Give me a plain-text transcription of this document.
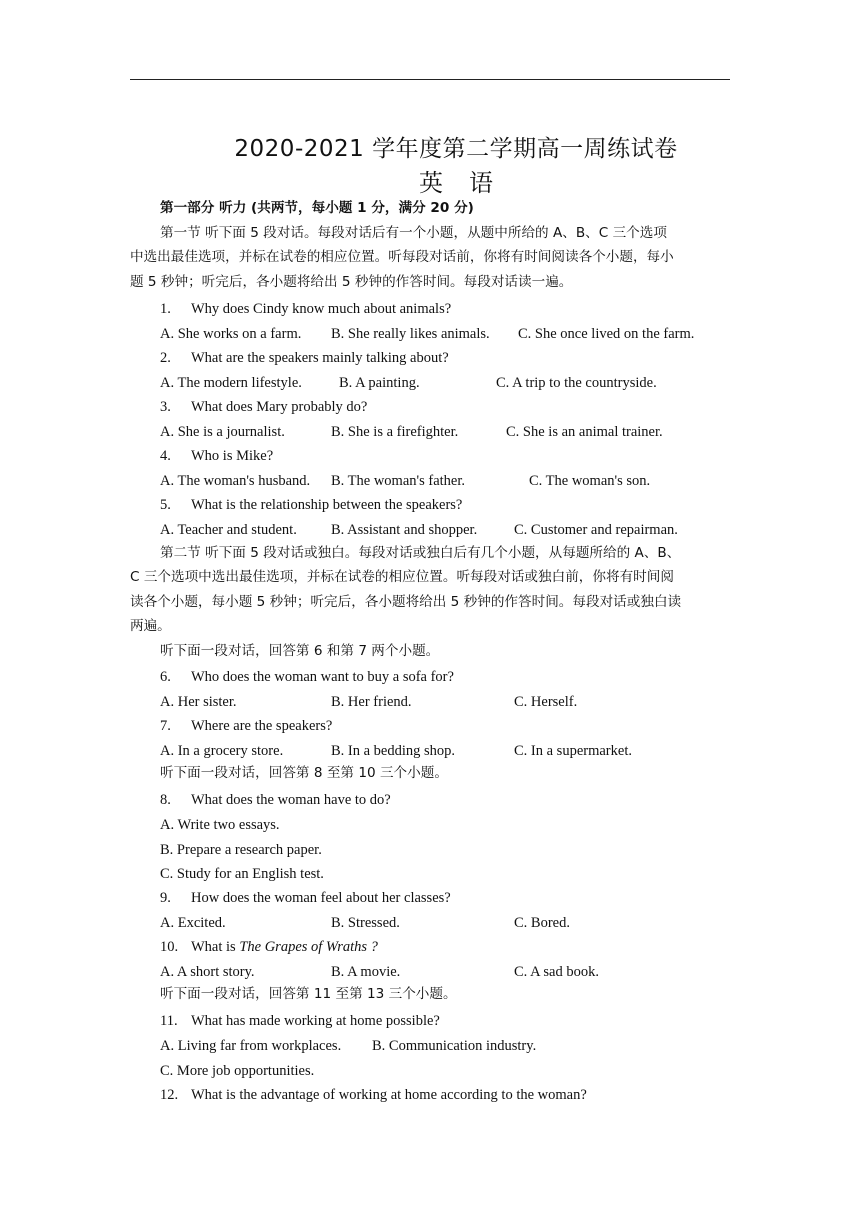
2020-2021 学年度第二学期高一周练试卷
英 语
第一部分 听力 (共两节，每小题 1 分，满分 20 分)
第一节 听下面 5 段对话。每段对话后有一个小题，从题中所给的 A、B、C 三个选项
中选出最佳选项，并标在试卷的相应位置。听每段对话前，你将有时间阅读各个小题，每小
题 5 秒钟；听完后，各小题将给出 5 秒钟的作答时间。每段对话读一遍。
1. Why does Cindy know much about animals?
A. She works on a farm. B. She really likes animals. C. She once lived on the farm.
2. What are the speakers mainly talking about?
A. The modern lifestyle.	B. A painting.	C. A trip to the countryside.
3. What does Mary probably do?
A. She is a journalist.	B. She is a firefighter.	C. She is an animal trainer.
4. Who is Mike?
A. The woman's husband. B. The woman's father.	C. The woman's son.
5. What is the relationship between the speakers?
A. Teacher and student. B. Assistant and shopper.	C. Customer and repairman.
第二节 听下面 5 段对话或独白。每段对话或独白后有几个小题，从每题所给的 A、B、
C 三个选项中选出最佳选项，并标在试卷的相应位置。听每段对话或独白前，你将有时间阅
读各个小题，每小题 5 秒钟；听完后，各小题将给出 5 秒钟的作答时间。每段对话或独白读
两遍。
听下面一段对话，回答第 6 和第 7 两个小题。
6. Who does the woman want to buy a sofa for?
A. Her sister.	B. Her friend.	C. Herself.
7. Where are the speakers?
A. In a grocery store.	B. In a bedding shop.	C. In a supermarket.
听下面一段对话，回答第 8 至第 10 三个小题。
8. What does the woman have to do?
A. Write two essays.
B. Prepare a research paper.
C. Study for an English test.
9. How does the woman feel about her classes?
A. Excited.	B. Stressed.	C. Bored.
10. What is The Grapes of Wraths ?
A. A short story.	B. A movie.	C. A sad book.
听下面一段对话，回答第 11 至第 13 三个小题。
11. What has made working at home possible?
A. Living far from workplaces. B. Communication industry.
C. More job opportunities.
12. What is the advantage of working at home according to the woman?
